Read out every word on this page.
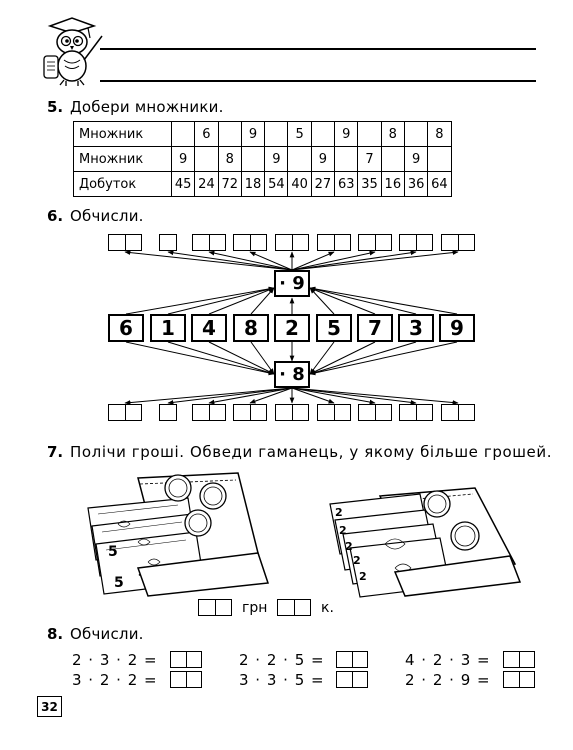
5. Добери множники.
Множник		6		9		5		9		8		8
Множник	9		8		9		9		7		9	
Добуток	45	24	72	18	54	40	27	63	35	16	36	64
6. Обчисли.
· 9
6	1	4	8	2	5	7	3	9
· 8
7. Полічи гроші. Обведи гаманець, у якому більше грошей.
5
5
2
2
2
2
2
грн	к.
8. Обчисли.
2 · 3 · 2 =	2 · 2 · 5 =	4 · 2 · 3 =
3 · 2 · 2 =	3 · 3 · 5 =	2 · 2 · 9 =
32
